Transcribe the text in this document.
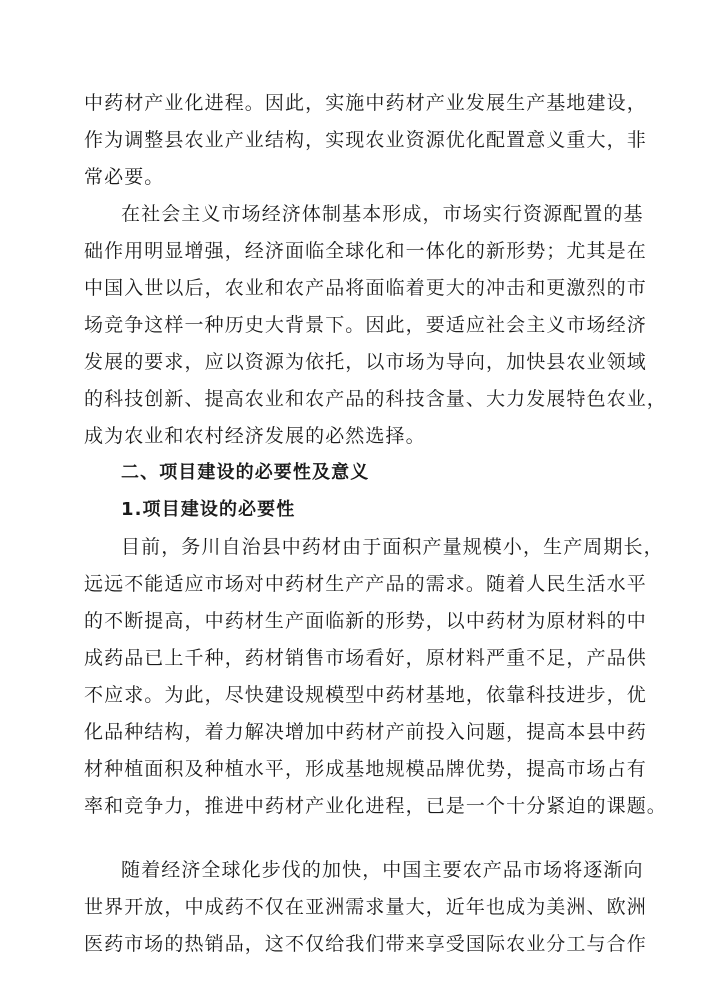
中药材产业化进程。因此，实施中药材产业发展生产基地建设，
作为调整县农业产业结构，实现农业资源优化配置意义重大，非
常必要。
在社会主义市场经济体制基本形成，市场实行资源配置的基
础作用明显增强，经济面临全球化和一体化的新形势；尤其是在
中国入世以后，农业和农产品将面临着更大的冲击和更激烈的市
场竞争这样一种历史大背景下。因此，要适应社会主义市场经济
发展的要求，应以资源为依托，以市场为导向，加快县农业领域
的科技创新、提高农业和农产品的科技含量、大力发展特色农业，
成为农业和农村经济发展的必然选择。
二、项目建设的必要性及意义
1.项目建设的必要性
目前，务川自治县中药材由于面积产量规模小，生产周期长，
远远不能适应市场对中药材生产产品的需求。随着人民生活水平
的不断提高，中药材生产面临新的形势，以中药材为原材料的中
成药品已上千种，药材销售市场看好，原材料严重不足，产品供
不应求。为此，尽快建设规模型中药材基地，依靠科技进步，优
化品种结构，着力解决增加中药材产前投入问题，提高本县中药
材种植面积及种植水平，形成基地规模品牌优势，提高市场占有
率和竞争力，推进中药材产业化进程，已是一个十分紧迫的课题。
随着经济全球化步伐的加快，中国主要农产品市场将逐渐向
世界开放，中成药不仅在亚洲需求量大，近年也成为美洲、欧洲
医药市场的热销品，这不仅给我们带来享受国际农业分工与合作
